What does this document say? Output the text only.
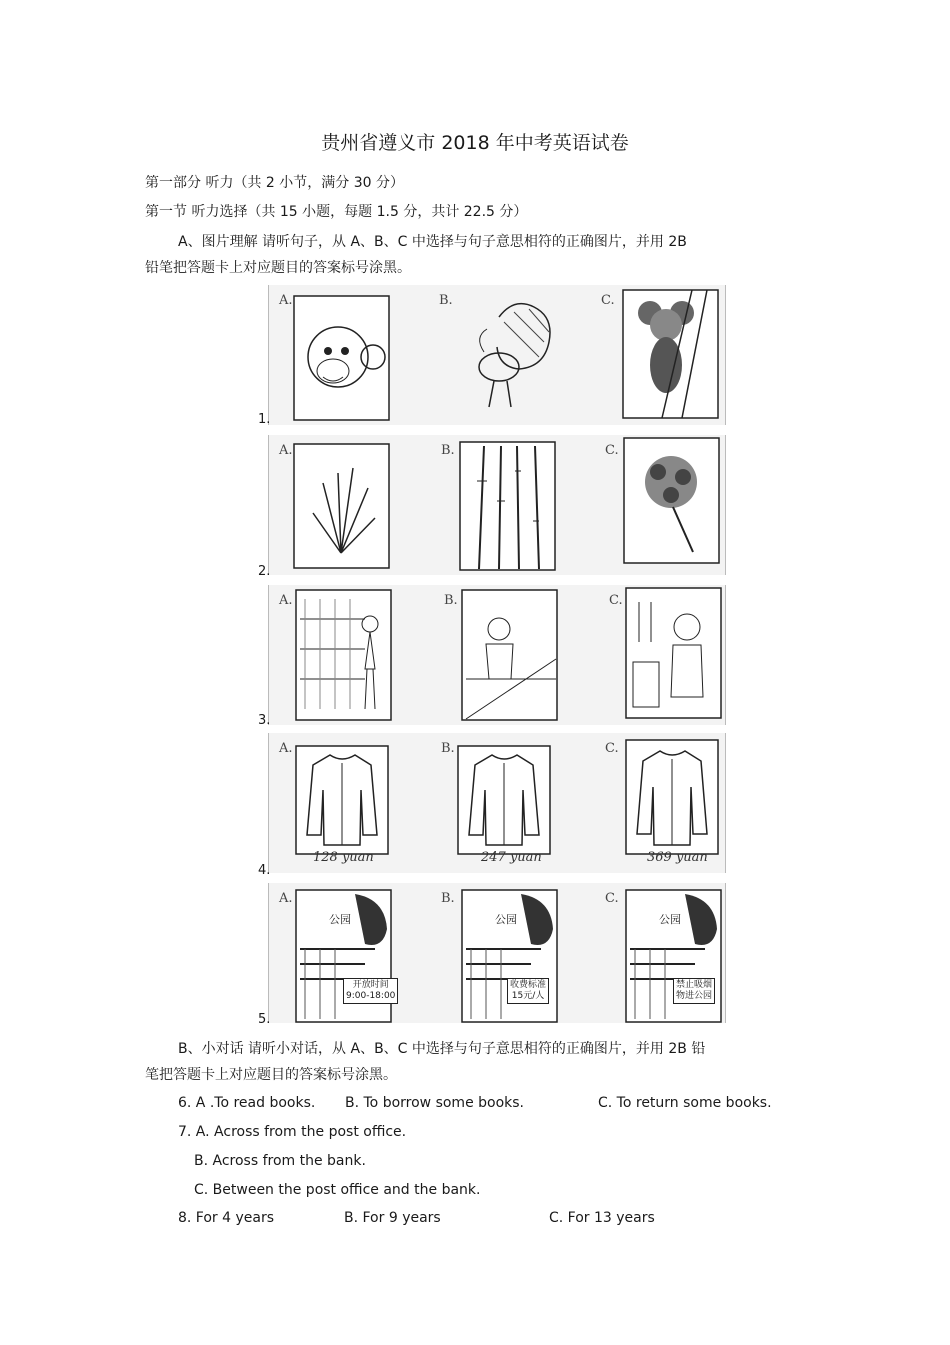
贵州省遵义市 2018 年中考英语试卷
第一部分 听力（共 2 小节，满分 30 分）
第一节 听力选择（共 15 小题，每题 1.5 分，共计 22.5 分）
A、图片理解 请听句子，从 A、B、C 中选择与句子意思相符的正确图片，并用 2B
铅笔把答题卡上对应题目的答案标号涂黑。
A.	B.	C.
1.
A.	B.	C.
2.
A.	B.	C.
3.
A.	B.	C.
128 yuan	247 yuan	369 yuan
4.
A.	B.	C.
公园
开放时间
9:00-18:00
公园
收费标准
15元/人
公园
禁止吸烟
物进公园
5.
B、小对话 请听小对话，从 A、B、C 中选择与句子意思相符的正确图片，并用 2B 铅
笔把答题卡上对应题目的答案标号涂黑。
6. A .To read books. B. To borrow some books.	C. To return some books.
7. A. Across from the post office.
B. Across from the bank.
C. Between the post office and the bank.
8. For 4 years	B. For 9 years	C. For 13 years
